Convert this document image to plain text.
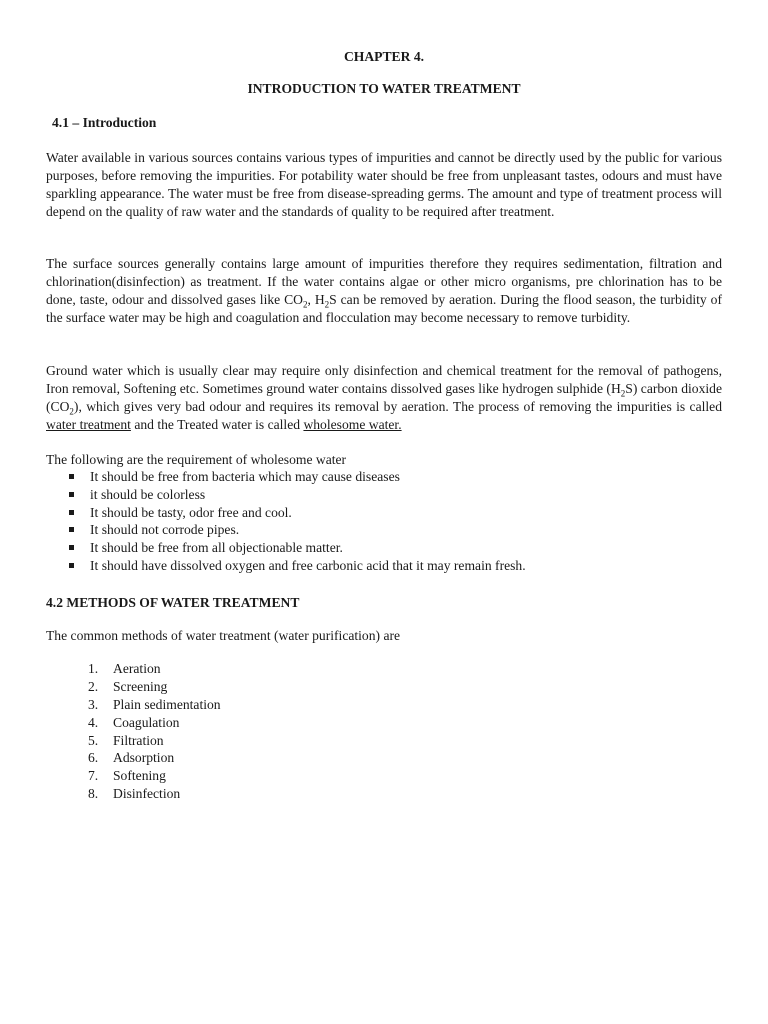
CHAPTER 4.
INTRODUCTION TO WATER TREATMENT
4.1 – Introduction

Water available in various sources contains various types of impurities and cannot be directly used by the public for various purposes, before removing the impurities. For potability water should be free from unpleasant tastes, odours and must have sparkling appearance. The water must be free from disease-spreading germs. The amount and type of treatment process will depend on the quality of raw water and the standards of quality to be required after treatment.

The surface sources generally contains large amount of impurities therefore they requires sedimentation, filtration and chlorination(disinfection) as treatment. If the water contains algae or other micro organisms, pre chlorination has to be done, taste, odour and dissolved gases like $CO_2$, $H_2S$ can be removed by aeration. During the flood season, the turbidity of the surface water may be high and coagulation and flocculation may become necessary to remove turbidity.

Ground water which is usually clear may require only disinfection and chemical treatment for the removal of pathogens, Iron removal, Softening etc. Sometimes ground water contains dissolved gases like hydrogen sulphide $(H_2S)$ carbon dioxide $(CO_2)$, which gives very bad odour and requires its removal by aeration. The process of removing the impurities is called water treatment and the Treated water is called wholesome water.

The following are the requirement of wholesome water
It should be free from bacteria which may cause diseases
it should be colorless
It should be tasty, odor free and cool.
It should not corrode pipes.
It should be free from all objectionable matter.
It should have dissolved oxygen and free carbonic acid that it may remain fresh.
4.2 METHODS OF WATER TREATMENT
The common methods of water treatment (water purification) are
1. Aeration
2. Screening
3. Plain sedimentation
4. Coagulation
5. Filtration
6. Adsorption
7. Softening
8. Disinfection
